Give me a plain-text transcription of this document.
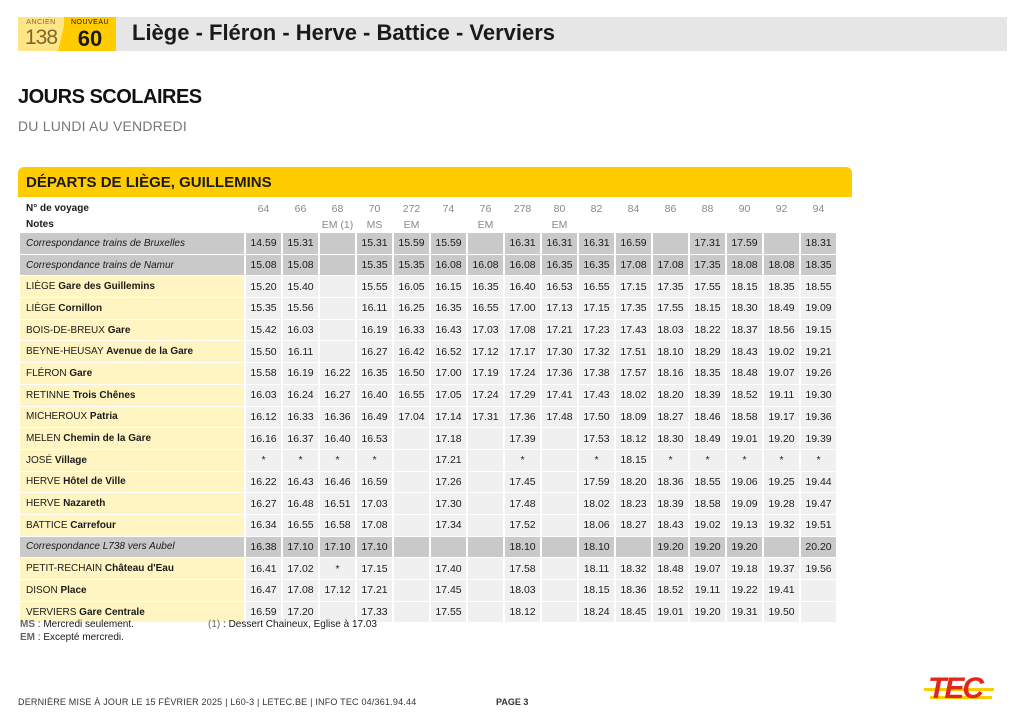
ANCIEN
138
NOUVEAU
60	Liège - Fléron - Herve - Battice - Verviers
JOURS SCOLAIRES
DU LUNDI AU VENDREDI
DÉPARTS DE LIÈGE, GUILLEMINS
N° de voyage	64	66	68	70	272	74	76	278	80	82	84	86	88	90	92	94
Notes			EM (1)	MS	EM		EM		EM							
Correspondance trains de Bruxelles	14.59	15.31		15.31	15.59	15.59		16.31	16.31	16.31	16.59		17.31	17.59		18.31
Correspondance trains de Namur	15.08	15.08		15.35	15.35	16.08	16.08	16.08	16.35	16.35	17.08	17.08	17.35	18.08	18.08	18.35
LIÈGE Gare des Guillemins	15.20	15.40		15.55	16.05	16.15	16.35	16.40	16.53	16.55	17.15	17.35	17.55	18.15	18.35	18.55
LIÈGE Cornillon	15.35	15.56		16.11	16.25	16.35	16.55	17.00	17.13	17.15	17.35	17.55	18.15	18.30	18.49	19.09
BOIS-DE-BREUX Gare	15.42	16.03		16.19	16.33	16.43	17.03	17.08	17.21	17.23	17.43	18.03	18.22	18.37	18.56	19.15
BEYNE-HEUSAY Avenue de la Gare	15.50	16.11		16.27	16.42	16.52	17.12	17.17	17.30	17.32	17.51	18.10	18.29	18.43	19.02	19.21
FLÉRON Gare	15.58	16.19	16.22	16.35	16.50	17.00	17.19	17.24	17.36	17.38	17.57	18.16	18.35	18.48	19.07	19.26
RETINNE Trois Chênes	16.03	16.24	16.27	16.40	16.55	17.05	17.24	17.29	17.41	17.43	18.02	18.20	18.39	18.52	19.11	19.30
MICHEROUX Patria	16.12	16.33	16.36	16.49	17.04	17.14	17.31	17.36	17.48	17.50	18.09	18.27	18.46	18.58	19.17	19.36
MELEN Chemin de la Gare	16.16	16.37	16.40	16.53		17.18		17.39		17.53	18.12	18.30	18.49	19.01	19.20	19.39
JOSÉ Village	*	*	*	*		17.21		*		*	18.15	*	*	*	*	*
HERVE Hôtel de Ville	16.22	16.43	16.46	16.59		17.26		17.45		17.59	18.20	18.36	18.55	19.06	19.25	19.44
HERVE Nazareth	16.27	16.48	16.51	17.03		17.30		17.48		18.02	18.23	18.39	18.58	19.09	19.28	19.47
BATTICE Carrefour	16.34	16.55	16.58	17.08		17.34		17.52		18.06	18.27	18.43	19.02	19.13	19.32	19.51
Correspondance L738 vers Aubel	16.38	17.10	17.10	17.10				18.10		18.10		19.20	19.20	19.20		20.20
PETIT-RECHAIN Château d'Eau	16.41	17.02	*	17.15		17.40		17.58		18.11	18.32	18.48	19.07	19.18	19.37	19.56
DISON Place	16.47	17.08	17.12	17.21		17.45		18.03		18.15	18.36	18.52	19.11	19.22	19.41	
VERVIERS Gare Centrale	16.59	17.20		17.33		17.55		18.12		18.24	18.45	19.01	19.20	19.31	19.50	
MS : Mercredi seulement.
EM : Excepté mercredi.
(1) : Dessert Chaineux, Eglise à 17.03
DERNIÈRE MISE À JOUR LE 15 FÉVRIER 2025 | L60-3 | LETEC.BE | INFO TEC 04/361.94.44	PAGE 3	TEC
